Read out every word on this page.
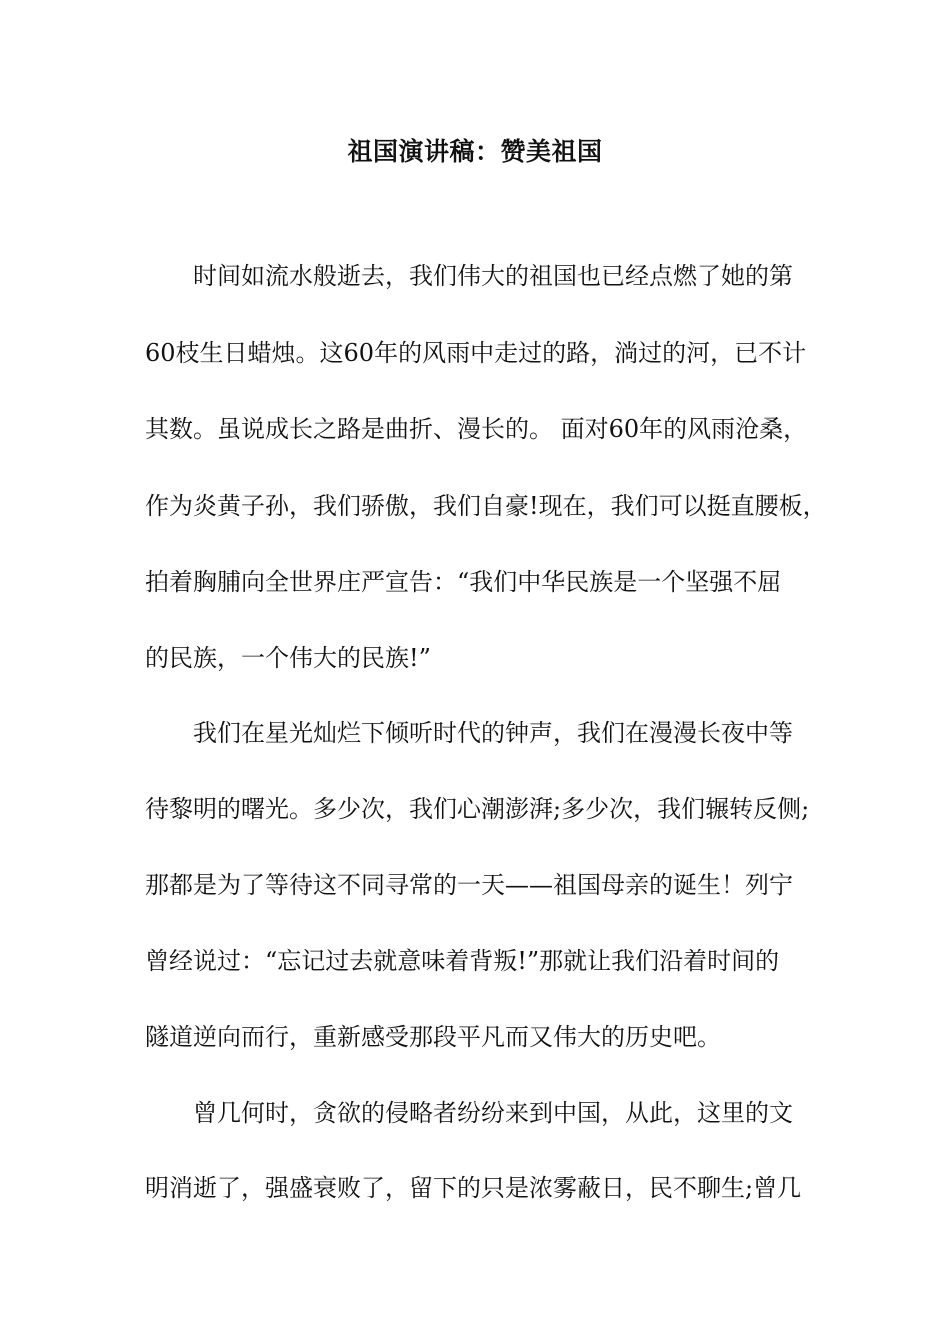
祖国演讲稿：赞美祖国
时间如流水般逝去，我们伟大的祖国也已经点燃了她的第
60枝生日蜡烛。这60年的风雨中走过的路，淌过的河，已不计
其数。虽说成长之路是曲折、漫长的。 面对60年的风雨沧桑，
作为炎黄子孙，我们骄傲，我们自豪!现在，我们可以挺直腰板，
拍着胸脯向全世界庄严宣告：“我们中华民族是一个坚强不屈
的民族，一个伟大的民族!”
我们在星光灿烂下倾听时代的钟声，我们在漫漫长夜中等
待黎明的曙光。多少次，我们心潮澎湃;多少次，我们辗转反侧;
那都是为了等待这不同寻常的一天——祖国母亲的诞生！列宁
曾经说过：“忘记过去就意味着背叛!”那就让我们沿着时间的
隧道逆向而行，重新感受那段平凡而又伟大的历史吧。
曾几何时，贪欲的侵略者纷纷来到中国，从此，这里的文
明消逝了，强盛衰败了，留下的只是浓雾蔽日，民不聊生;曾几
